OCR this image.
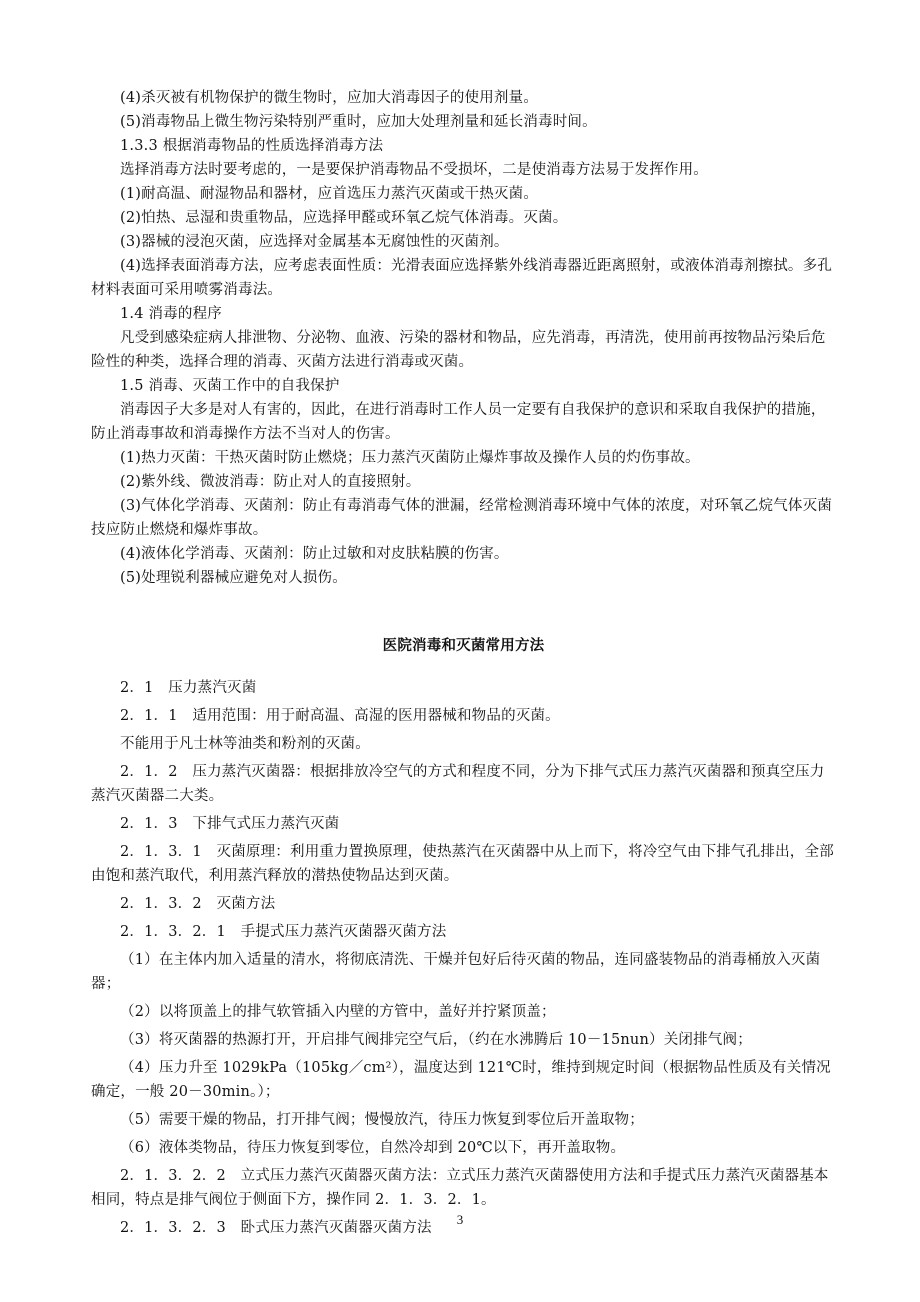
(4)杀灭被有机物保护的微生物时，应加大消毒因子的使用剂量。

(5)消毒物品上微生物污染特别严重时，应加大处理剂量和延长消毒时间。

1.3.3 根据消毒物品的性质选择消毒方法

选择消毒方法时要考虑的，一是要保护消毒物品不受损坏，二是使消毒方法易于发挥作用。

(1)耐高温、耐湿物品和器材，应首选压力蒸汽灭菌或干热灭菌。

(2)怕热、忌湿和贵重物品，应选择甲醛或环氧乙烷气体消毒。灭菌。

(3)器械的浸泡灭菌，应选择对金属基本无腐蚀性的灭菌剂。

(4)选择表面消毒方法，应考虑表面性质：光滑表面应选择紫外线消毒器近距离照射，或液体消毒剂擦拭。多孔材料表面可采用喷雾消毒法。

1.4 消毒的程序

凡受到感染症病人排泄物、分泌物、血液、污染的器材和物品，应先消毒，再清洗，使用前再按物品污染后危险性的种类，选择合理的消毒、灭菌方法进行消毒或灭菌。

1.5 消毒、灭菌工作中的自我保护

消毒因子大多是对人有害的，因此，在进行消毒时工作人员一定要有自我保护的意识和采取自我保护的措施，防止消毒事故和消毒操作方法不当对人的伤害。

(1)热力灭菌：干热灭菌时防止燃烧；压力蒸汽灭菌防止爆炸事故及操作人员的灼伤事故。

(2)紫外线、微波消毒：防止对人的直接照射。

(3)气体化学消毒、灭菌剂：防止有毒消毒气体的泄漏，经常检测消毒环境中气体的浓度，对环氧乙烷气体灭菌技应防止燃烧和爆炸事故。

(4)液体化学消毒、灭菌剂：防止过敏和对皮肤粘膜的伤害。

(5)处理锐利器械应避免对人损伤。

医院消毒和灭菌常用方法

2．1　压力蒸汽灭菌

2．1．1　适用范围：用于耐高温、高湿的医用器械和物品的灭菌。

不能用于凡士林等油类和粉剂的灭菌。

2．1．2　压力蒸汽灭菌器：根据排放冷空气的方式和程度不同，分为下排气式压力蒸汽灭菌器和预真空压力蒸汽灭菌器二大类。

2．1．3　下排气式压力蒸汽灭菌

2．1．3．1　灭菌原理：利用重力置换原理，使热蒸汽在灭菌器中从上而下，将冷空气由下排气孔排出，全部由饱和蒸汽取代，利用蒸汽释放的潜热使物品达到灭菌。

2．1．3．2　灭菌方法

2．1．3．2．1　手提式压力蒸汽灭菌器灭菌方法

（1）在主体内加入适量的清水，将彻底清洗、干燥并包好后待灭菌的物品，连同盛装物品的消毒桶放入灭菌器；

（2）以将顶盖上的排气软管插入内壁的方管中，盖好并拧紧顶盖；

（3）将灭菌器的热源打开，开启排气阀排完空气后，（约在水沸腾后 10－15nun）关闭排气阀；

（4）压力升至 1029kPa（105kg／cm²），温度达到 121℃时，维持到规定时间（根据物品性质及有关情况确定，一般 20－30min。）；

（5）需要干燥的物品，打开排气阀；慢慢放汽，待压力恢复到零位后开盖取物；

（6）液体类物品，待压力恢复到零位，自然冷却到 20℃以下，再开盖取物。

2．1．3．2．2　立式压力蒸汽灭菌器灭菌方法：立式压力蒸汽灭菌器使用方法和手提式压力蒸汽灭菌器基本相同，特点是排气阀位于侧面下方，操作同 2．1．3．2．1。

2．1．3．2．3　卧式压力蒸汽灭菌器灭菌方法

3
